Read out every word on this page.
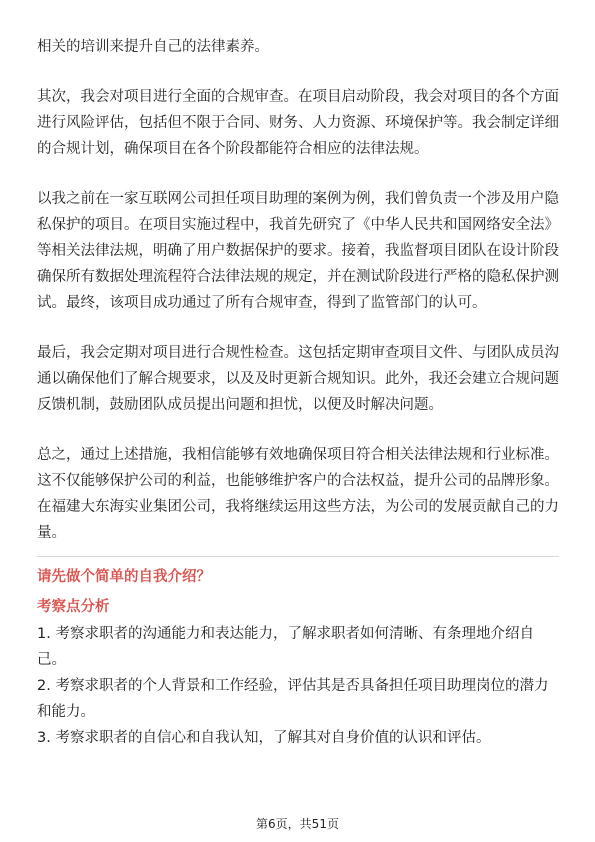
相关的培训来提升自己的法律素养。

其次，我会对项目进行全面的合规审查。在项目启动阶段，我会对项目的各个方面进行风险评估，包括但不限于合同、财务、人力资源、环境保护等。我会制定详细的合规计划，确保项目在各个阶段都能符合相应的法律法规。

以我之前在一家互联网公司担任项目助理的案例为例，我们曾负责一个涉及用户隐私保护的项目。在项目实施过程中，我首先研究了《中华人民共和国网络安全法》等相关法律法规，明确了用户数据保护的要求。接着，我监督项目团队在设计阶段确保所有数据处理流程符合法律法规的规定，并在测试阶段进行严格的隐私保护测试。最终，该项目成功通过了所有合规审查，得到了监管部门的认可。

最后，我会定期对项目进行合规性检查。这包括定期审查项目文件、与团队成员沟通以确保他们了解合规要求，以及及时更新合规知识。此外，我还会建立合规问题反馈机制，鼓励团队成员提出问题和担忧，以便及时解决问题。

总之，通过上述措施，我相信能够有效地确保项目符合相关法律法规和行业标准。这不仅能够保护公司的利益，也能够维护客户的合法权益，提升公司的品牌形象。在福建大东海实业集团公司，我将继续运用这些方法，为公司的发展贡献自己的力量。

请先做个简单的自我介绍？

考察点分析

1. 考察求职者的沟通能力和表达能力，了解求职者如何清晰、有条理地介绍自己。
2. 考察求职者的个人背景和工作经验，评估其是否具备担任项目助理岗位的潜力和能力。
3. 考察求职者的自信心和自我认知，了解其对自身价值的认识和评估。
第6页，共51页
